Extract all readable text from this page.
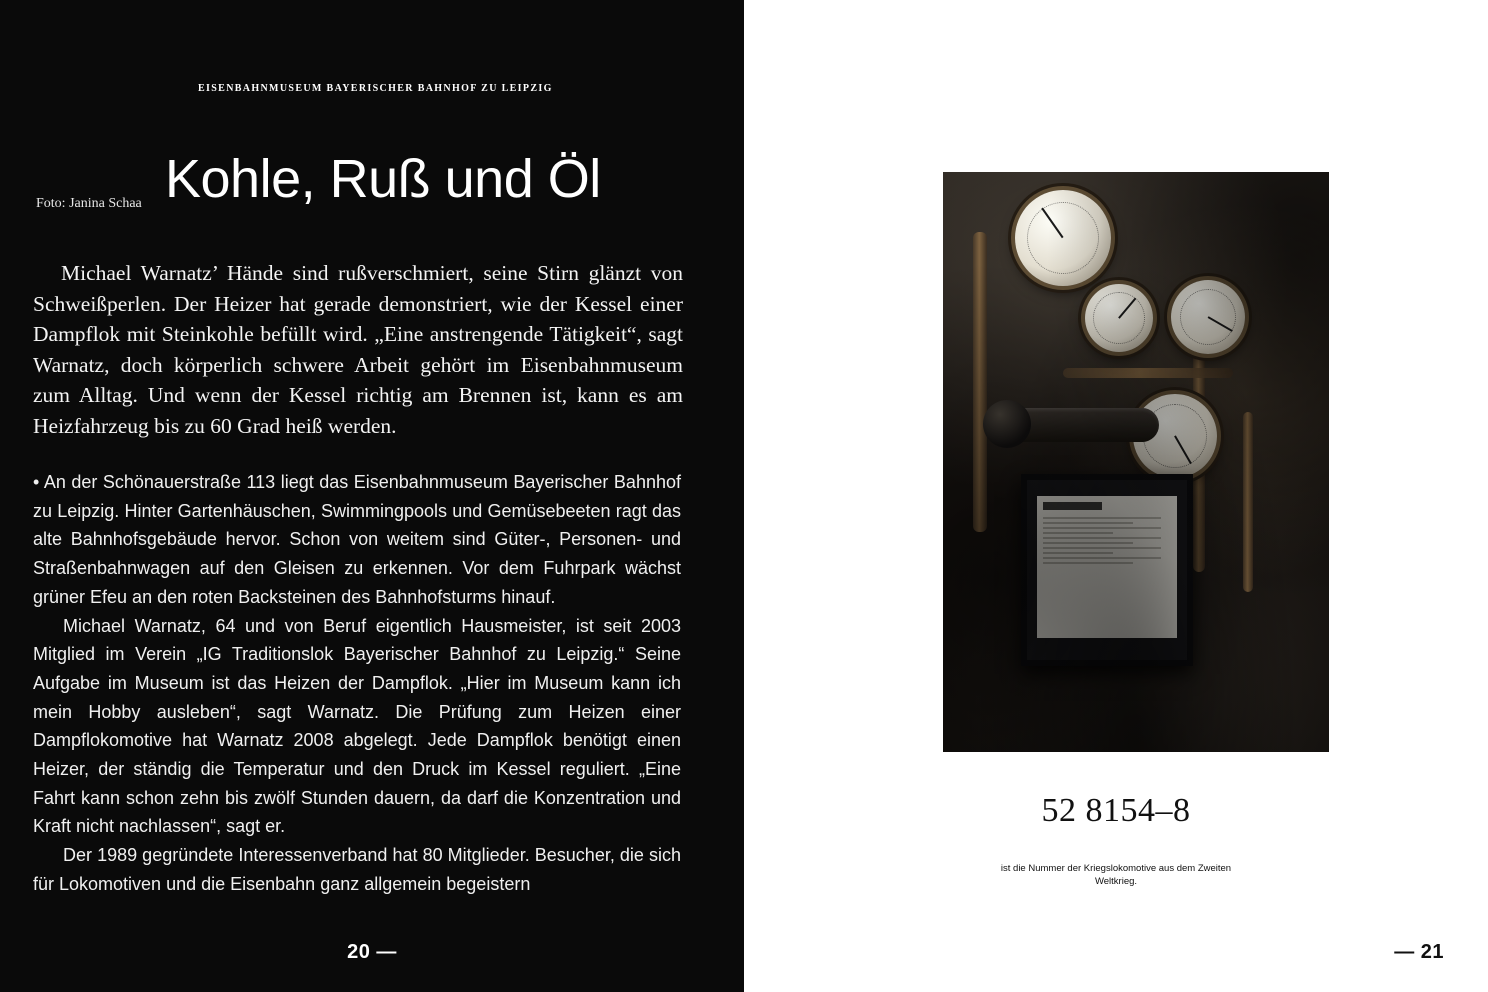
EISENBAHNMUSEUM BAYERISCHER BAHNHOF ZU LEIPZIG
Kohle, Ruß und Öl
Foto: Janina Schaa
Michael Warnatz’ Hände sind rußverschmiert, seine Stirn glänzt von Schweißperlen. Der Heizer hat gerade demonstriert, wie der Kessel einer Dampflok mit Steinkohle befüllt wird. „Eine anstrengende Tätigkeit“, sagt Warnatz, doch körperlich schwere Arbeit gehört im Eisenbahnmuseum zum Alltag. Und wenn der Kessel richtig am Brennen ist, kann es am Heizfahrzeug bis zu 60 Grad heiß werden.

• An der Schönauerstraße 113 liegt das Eisenbahnmuseum Bayerischer Bahnhof zu Leipzig. Hinter Gartenhäuschen, Swimmingpools und Gemüsebeeten ragt das alte Bahnhofsgebäude hervor. Schon von weitem sind Güter-, Personen- und Straßenbahnwagen auf den Gleisen zu erkennen. Vor dem Fuhrpark wächst grüner Efeu an den roten Backsteinen des Bahnhofsturms hinauf.

Michael Warnatz, 64 und von Beruf eigentlich Hausmeister, ist seit 2003 Mitglied im Verein „IG Traditionslok Bayerischer Bahnhof zu Leipzig.“ Seine Aufgabe im Museum ist das Heizen der Dampflok. „Hier im Museum kann ich mein Hobby ausleben“, sagt Warnatz. Die Prüfung zum Heizen einer Dampflokomotive hat Warnatz 2008 abgelegt. Jede Dampflok benötigt einen Heizer, der ständig die Temperatur und den Druck im Kessel reguliert. „Eine Fahrt kann schon zehn bis zwölf Stunden dauern, da darf die Konzentration und Kraft nicht nachlassen“, sagt er.

Der 1989 gegründete Interessenverband hat 80 Mitglieder. Besucher, die sich für Lokomotiven und die Eisenbahn ganz allgemein begeistern

20 —
52 8154–8
ist die Nummer der Kriegslokomotive aus dem Zweiten Weltkrieg.
— 21
